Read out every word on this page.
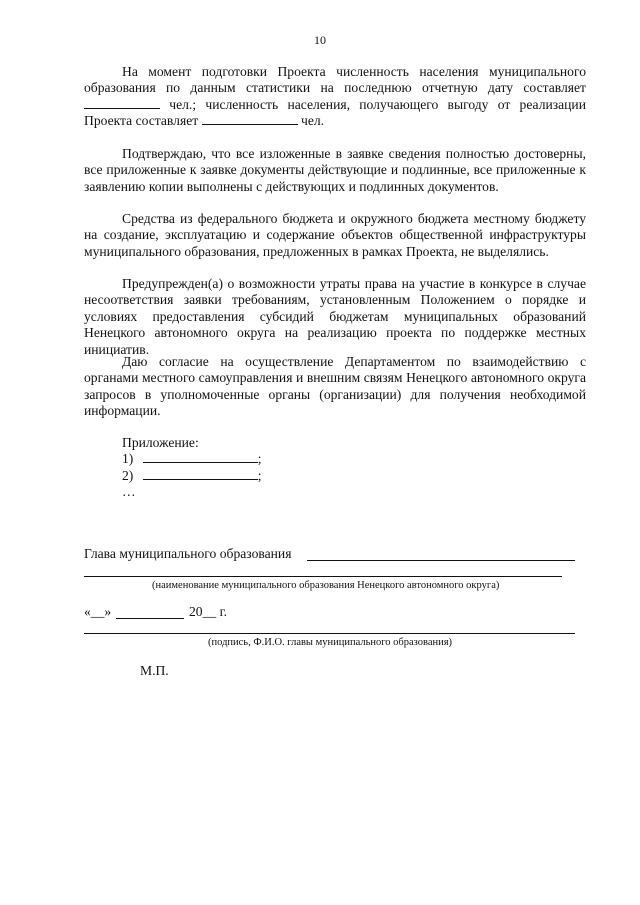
10

На момент подготовки Проекта численность населения муниципального образования по данным статистики на последнюю отчетную дату составляет  чел.; численность населения, получающего выгоду от реализации Проекта составляет	чел.

Подтверждаю, что все изложенные в заявке сведения полностью достоверны, все приложенные к заявке документы действующие и подлинные, все приложенные к заявлению копии выполнены с действующих и подлинных документов.

Средства из федерального бюджета и окружного бюджета местному бюджету на создание, эксплуатацию и содержание объектов общественной инфраструктуры муниципального образования, предложенных в рамках Проекта, не выделялись.

Предупрежден(а) о возможности утраты права на участие в конкурсе в случае несоответствия заявки требованиям, установленным Положением о порядке и условиях предоставления субсидий бюджетам муниципальных образований Ненецкого автономного округа на реализацию проекта по поддержке местных инициатив.

Даю согласие на осуществление Департаментом по взаимодействию с органами местного самоуправления и внешним связям Ненецкого автономного округа запросов в уполномоченные органы (организации) для получения необходимой информации.

Приложение:
1)	;
2)	;
…
Глава муниципального образования
(наименование муниципального образования Ненецкого автономного округа)
«__»	20__ г.
(подпись, Ф.И.О. главы муниципального образования)
М.П.
